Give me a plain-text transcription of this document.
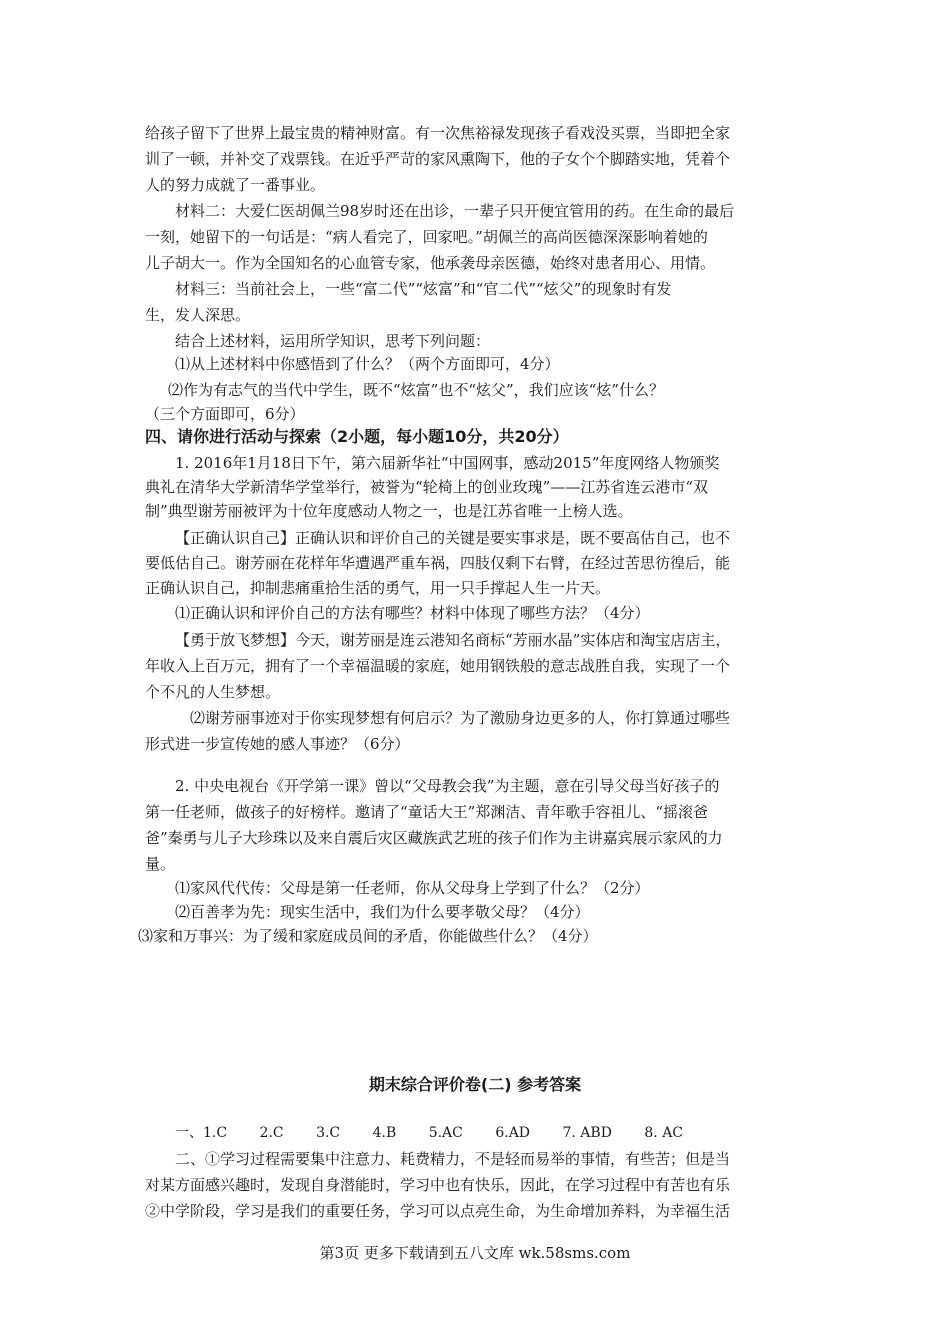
给孩子留下了世界上最宝贵的精神财富。有一次焦裕禄发现孩子看戏没买票，当即把全家
训了一顿，并补交了戏票钱。在近乎严苛的家风熏陶下，他的子女个个脚踏实地，凭着个
人的努力成就了一番事业。
材料二：大爱仁医胡佩兰98岁时还在出诊，一辈子只开便宜管用的药。在生命的最后
一刻，她留下的一句话是：“病人看完了，回家吧。”胡佩兰的高尚医德深深影响着她的
儿子胡大一。作为全国知名的心血管专家，他承袭母亲医德，始终对患者用心、用情。
材料三：当前社会上，一些“富二代”“炫富”和“官二代”“炫父”的现象时有发
生，发人深思。
结合上述材料，运用所学知识，思考下列问题：
⑴从上述材料中你感悟到了什么？（两个方面即可，4分）
⑵作为有志气的当代中学生，既不“炫富”也不“炫父”，我们应该“炫”什么？
（三个方面即可，6分）
四、请你进行活动与探索（2小题，每小题10分，共20分）
1. 2016年1月18日下午，第六届新华社“中国网事，感动2015”年度网络人物颁奖
典礼在清华大学新清华学堂举行，被誉为“轮椅上的创业玫瑰”——江苏省连云港市“双
制”典型谢芳丽被评为十位年度感动人物之一，也是江苏省唯一上榜人选。
【正确认识自己】正确认识和评价自己的关键是要实事求是，既不要高估自己，也不
要低估自己。谢芳丽在花样年华遭遇严重车祸，四肢仅剩下右臂，在经过苦思彷徨后，能
正确认识自己，抑制悲痛重拾生活的勇气，用一只手撑起人生一片天。
⑴正确认识和评价自己的方法有哪些？材料中体现了哪些方法？（4分）
【勇于放飞梦想】今天，谢芳丽是连云港知名商标“芳丽水晶”实体店和淘宝店店主，
年收入上百万元，拥有了一个幸福温暖的家庭，她用钢铁般的意志战胜自我，实现了一个
个不凡的人生梦想。
⑵谢芳丽事迹对于你实现梦想有何启示？为了激励身边更多的人，你打算通过哪些
形式进一步宣传她的感人事迹？（6分）
2. 中央电视台《开学第一课》曾以“父母教会我”为主题，意在引导父母当好孩子的
第一任老师，做孩子的好榜样。邀请了“童话大王”郑渊洁、青年歌手容祖儿、“摇滚爸
爸”秦勇与儿子大珍珠以及来自震后灾区藏族武艺班的孩子们作为主讲嘉宾展示家风的力
量。
⑴家风代代传：父母是第一任老师，你从父母身上学到了什么？（2分）
⑵百善孝为先：现实生活中，我们为什么要孝敬父母？（4分）
⑶家和万事兴：为了缓和家庭成员间的矛盾，你能做些什么？（4分）
期末综合评价卷(二) 参考答案
一、1.C 2.C 3.C 4.B 5.AC 6.AD 7. ABD 8. AC
二、①学习过程需要集中注意力、耗费精力，不是轻而易举的事情，有些苦；但是当
对某方面感兴趣时，发现自身潜能时，学习中也有快乐，因此，在学习过程中有苦也有乐
②中学阶段，学习是我们的重要任务，学习可以点亮生命，为生命增加养料，为幸福生活
第3页 更多下载请到五八文库 wk.58sms.com
